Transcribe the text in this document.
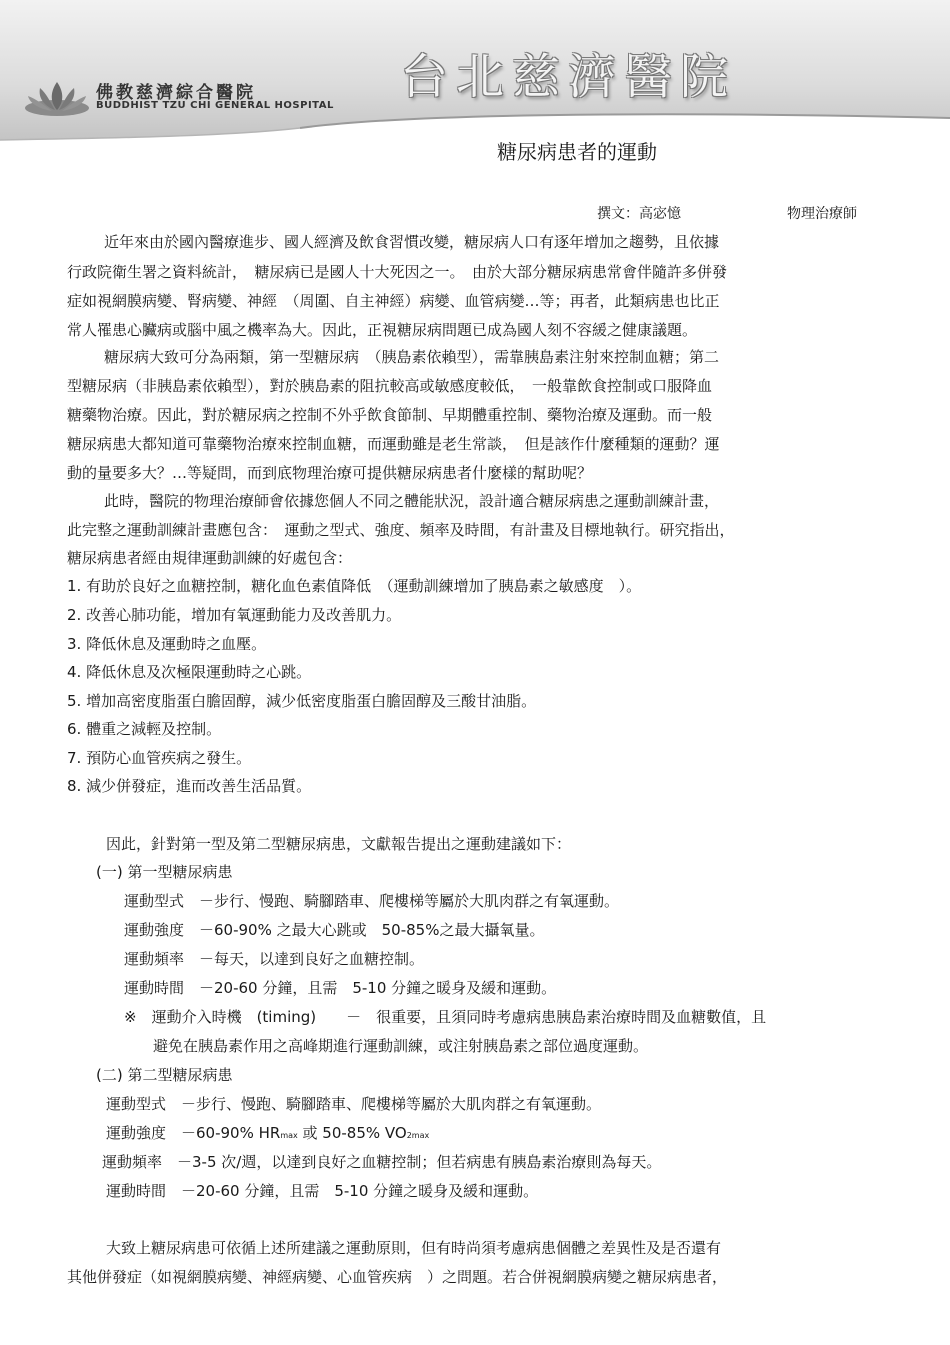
佛教慈濟綜合醫院
BUDDHIST TZU CHI GENERAL HOSPITAL
台北慈濟醫院
糖尿病患者的運動
撰文：高宓憶	物理治療師
近年來由於國內醫療進步、國人經濟及飲食習慣改變，糖尿病人口有逐年增加之趨勢，且依據
行政院衛生署之資料統計，　糖尿病已是國人十大死因之一。　由於大部分糖尿病患常會伴隨許多併發
症如視網膜病變、腎病變、神經　（周圍、自主神經）病變、血管病變…等；再者，此類病患也比正
常人罹患心臟病或腦中風之機率為大。因此，正視糖尿病問題已成為國人刻不容緩之健康議題。
糖尿病大致可分為兩類，第一型糖尿病　（胰島素依賴型），需靠胰島素注射來控制血糖；第二
型糖尿病（非胰島素依賴型），對於胰島素的阻抗較高或敏感度較低，　一般靠飲食控制或口服降血
糖藥物治療。因此，對於糖尿病之控制不外乎飲食節制、早期體重控制、藥物治療及運動。而一般
糖尿病患大都知道可靠藥物治療來控制血糖，而運動雖是老生常談，　但是該作什麼種類的運動？運
動的量要多大？…等疑問，而到底物理治療可提供糖尿病患者什麼樣的幫助呢？
此時，醫院的物理治療師會依據您個人不同之體能狀況，設計適合糖尿病患之運動訓練計畫，
此完整之運動訓練計畫應包含：　運動之型式、強度、頻率及時間，有計畫及目標地執行。研究指出，
糖尿病患者經由規律運動訓練的好處包含：
1. 有助於良好之血糖控制，糖化血色素值降低　（運動訓練增加了胰島素之敏感度　）。
2. 改善心肺功能，增加有氧運動能力及改善肌力。
3. 降低休息及運動時之血壓。
4. 降低休息及次極限運動時之心跳。
5. 增加高密度脂蛋白膽固醇，減少低密度脂蛋白膽固醇及三酸甘油脂。
6. 體重之減輕及控制。
7. 預防心血管疾病之發生。
8. 減少併發症，進而改善生活品質。
因此，針對第一型及第二型糖尿病患，文獻報告提出之運動建議如下：
(一) 第一型糖尿病患
運動型式　－步行、慢跑、騎腳踏車、爬樓梯等屬於大肌肉群之有氧運動。
運動強度　－60-90% 之最大心跳或　50-85%之最大攝氧量。
運動頻率　－每天，以達到良好之血糖控制。
運動時間　－20-60 分鐘，且需　5-10 分鐘之暖身及緩和運動。
※　運動介入時機　(timing)　　－　很重要，且須同時考慮病患胰島素治療時間及血糖數值，且
避免在胰島素作用之高峰期進行運動訓練，或注射胰島素之部位過度運動。
(二) 第二型糖尿病患
運動型式　－步行、慢跑、騎腳踏車、爬樓梯等屬於大肌肉群之有氧運動。
運動強度　－60-90% HRmax 或 50-85% VO2max
運動頻率　－3-5 次/週，以達到良好之血糖控制；但若病患有胰島素治療則為每天。
運動時間　－20-60 分鐘，且需　5-10 分鐘之暖身及緩和運動。
大致上糖尿病患可依循上述所建議之運動原則，但有時尚須考慮病患個體之差異性及是否還有
其他併發症（如視網膜病變、神經病變、心血管疾病　）之問題。若合併視網膜病變之糖尿病患者，
